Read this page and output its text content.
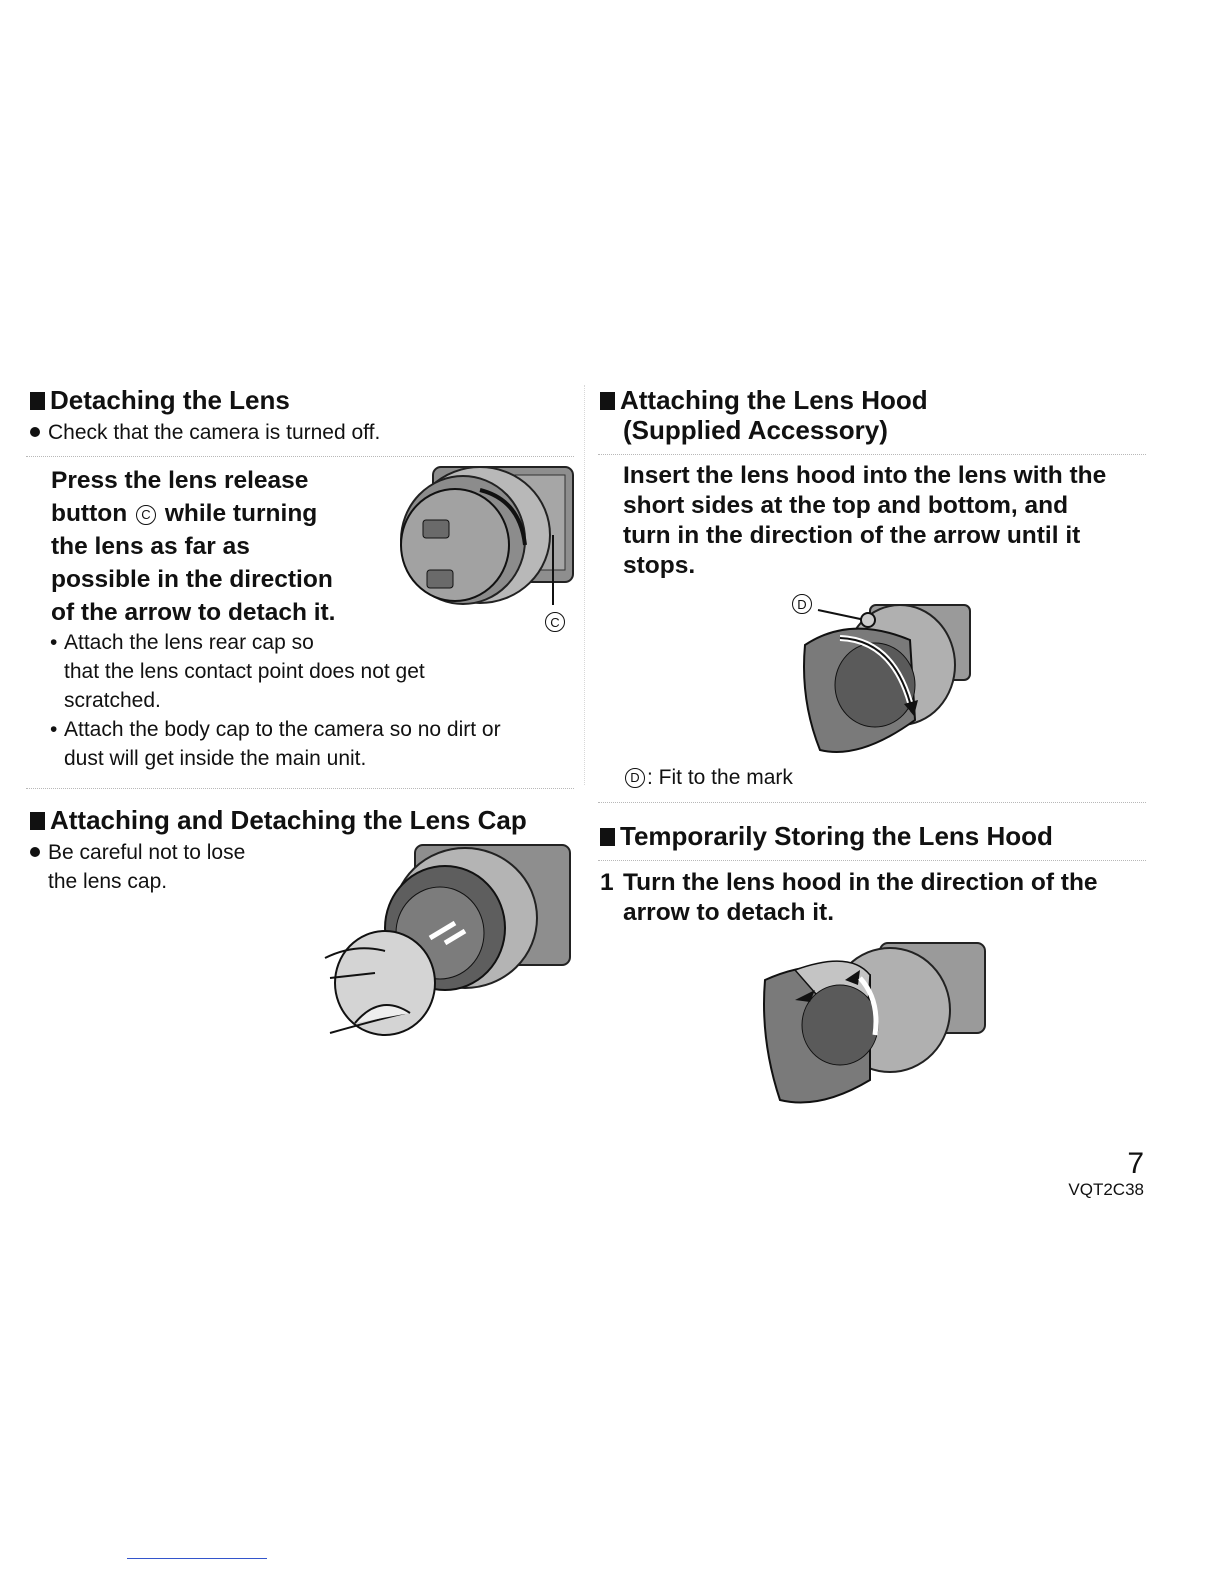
Detaching the Lens
Check that the camera is turned off.
Press the lens release
button C while turning
the lens as far as
possible in the direction
of the arrow to detach it.	C
• Attach the lens rear cap so
that the lens contact point does not get
scratched.
• Attach the body cap to the camera so no dirt or
dust will get inside the main unit.
Attaching and Detaching the Lens Cap
Be careful not to lose
the lens cap.
Attaching the Lens Hood
(Supplied Accessory)
Insert the lens hood into the lens with the
short sides at the top and bottom, and
turn in the direction of the arrow until it
stops.
D
D : Fit to the mark
Temporarily Storing the Lens Hood
1 Turn the lens hood in the direction of the
arrow to detach it.
7
VQT2C38
